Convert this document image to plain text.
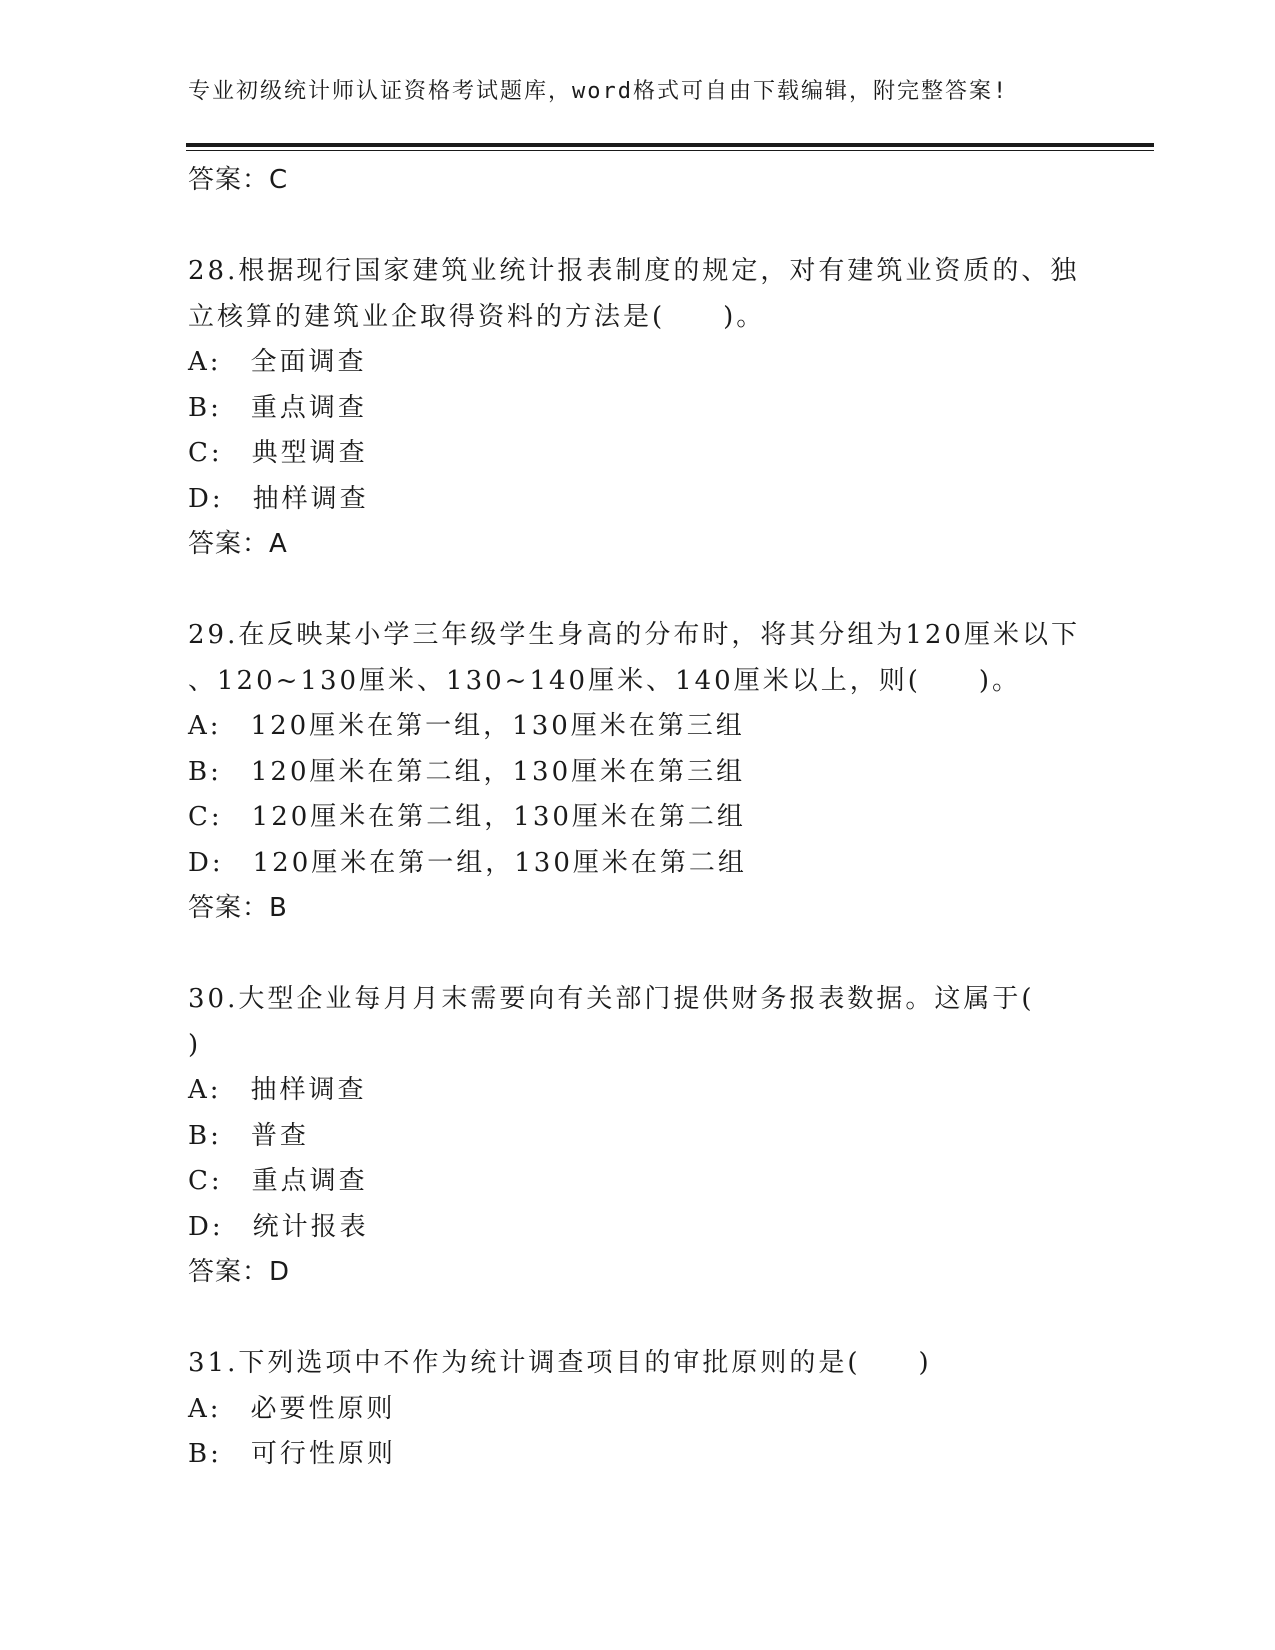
专业初级统计师认证资格考试题库，word格式可自由下载编辑，附完整答案!
答案：C
28.根据现行国家建筑业统计报表制度的规定，对有建筑业资质的、独
立核算的建筑业企取得资料的方法是(　　)。
A:　全面调查
B:　重点调查
C:　典型调查
D:　抽样调查
答案：A
29.在反映某小学三年级学生身高的分布时，将其分组为120厘米以下
、120~130厘米、130~140厘米、140厘米以上，则(　　)。
A:　120厘米在第一组，130厘米在第三组
B:　120厘米在第二组，130厘米在第三组
C:　120厘米在第二组，130厘米在第二组
D:　120厘米在第一组，130厘米在第二组
答案：B
30.大型企业每月月末需要向有关部门提供财务报表数据。这属于(
)
A:　抽样调查
B:　普查
C:　重点调查
D:　统计报表
答案：D
31.下列选项中不作为统计调查项目的审批原则的是(　　)
A:　必要性原则
B:　可行性原则
